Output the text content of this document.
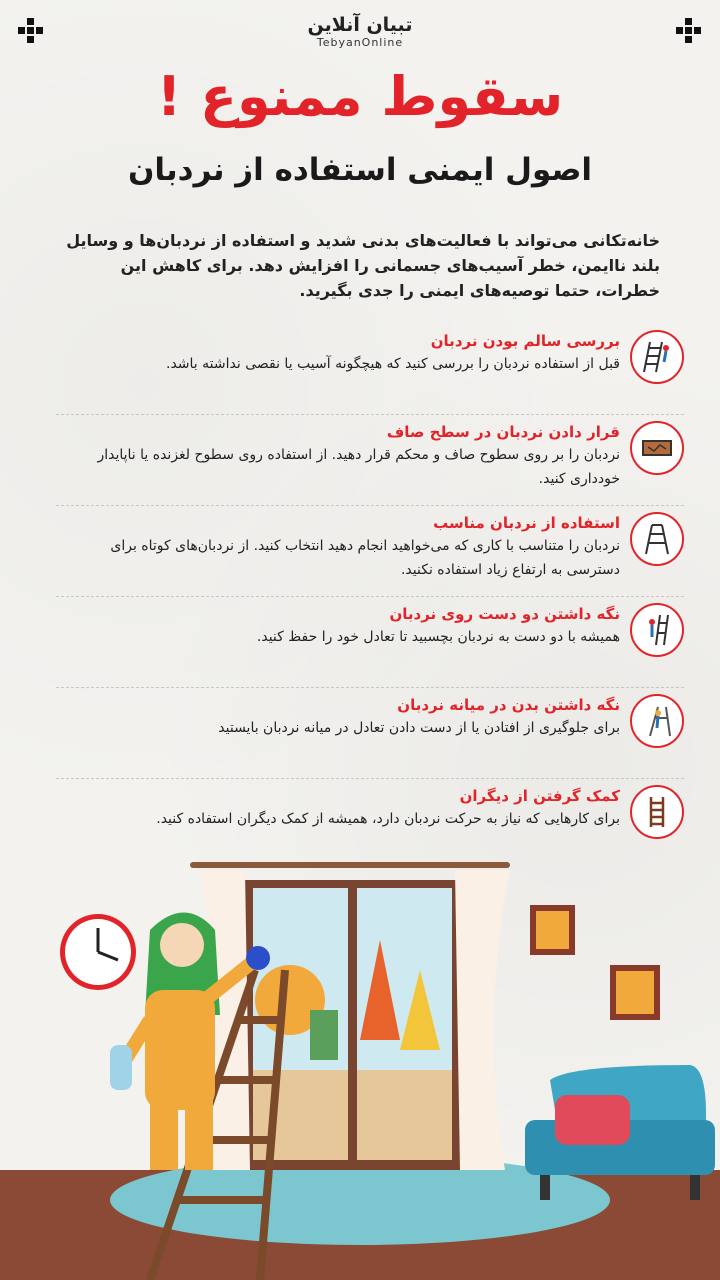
تبیان آنلاین
TebyanOnline
سقوط ممنوع !
اصول ایمنی استفاده از نردبان
خانه‌تکانی می‌تواند با فعالیت‌های بدنی شدید و استفاده از نردبان‌ها و وسایل بلند ناایمن، خطر آسیب‌های جسمانی را افزایش دهد. برای کاهش این خطرات، حتما توصیه‌های ایمنی را جدی بگیرید.
بررسی سالم بودن نردبان
قبل از استفاده نردبان را بررسی کنید که هیچگونه آسیب یا نقصی نداشته باشد.
قرار دادن نردبان در سطح صاف
نردبان را بر روی سطوح صاف و محکم قرار دهید. از استفاده روی سطوح لغزنده یا ناپایدار خودداری کنید.
استفاده از نردبان مناسب
نردبان را متناسب با کاری که می‌خواهید انجام دهید انتخاب کنید. از نردبان‌های کوتاه برای دسترسی به ارتفاع زیاد استفاده نکنید.
نگه داشتن دو دست روی نردبان
همیشه با دو دست به نردبان بچسبید تا تعادل خود را حفظ کنید.
نگه داشتن بدن در میانه نردبان
برای جلوگیری از افتادن یا از دست دادن تعادل در میانه نردبان بایستید
کمک گرفتن از دیگران
برای کارهایی که نیاز به حرکت نردبان دارد، همیشه از کمک دیگران استفاده کنید.
